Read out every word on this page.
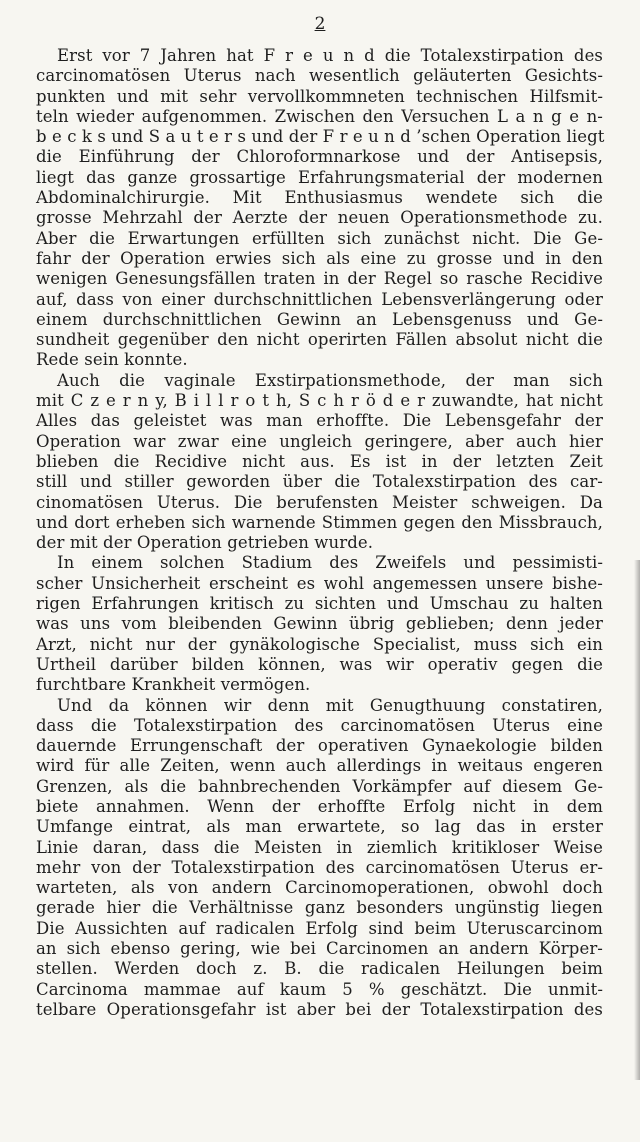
2
Erst vor 7 Jahren hat F r e u n d die Totalexstirpation des
carcinomatösen Uterus nach wesentlich geläuterten Gesichts-
punkten und mit sehr vervollkommneten technischen Hilfsmit-
teln wieder aufgenommen. Zwischen den Versuchen L a n g e n-
b e c k s und S a u t e r s und der F r e u n d ’schen Operation liegt
die Einführung der Chloroformnarkose und der Antisepsis,
liegt das ganze grossartige Erfahrungsmaterial der modernen
Abdominalchirurgie. Mit Enthusiasmus wendete sich die
grosse Mehrzahl der Aerzte der neuen Operationsmethode zu.
Aber die Erwartungen erfüllten sich zunächst nicht. Die Ge-
fahr der Operation erwies sich als eine zu grosse und in den
wenigen Genesungsfällen traten in der Regel so rasche Recidive
auf, dass von einer durchschnittlichen Lebensverlängerung oder
einem durchschnittlichen Gewinn an Lebensgenuss und Ge-
sundheit gegenüber den nicht operirten Fällen absolut nicht die
Rede sein konnte.
Auch die vaginale Exstirpationsmethode, der man sich
mit C z e r n y, B i l l r o t h, S c h r ö d e r zuwandte, hat nicht
Alles das geleistet was man erhoffte. Die Lebensgefahr der
Operation war zwar eine ungleich geringere, aber auch hier
blieben die Recidive nicht aus. Es ist in der letzten Zeit
still und stiller geworden über die Totalexstirpation des car-
cinomatösen Uterus. Die berufensten Meister schweigen. Da
und dort erheben sich warnende Stimmen gegen den Missbrauch,
der mit der Operation getrieben wurde.
In einem solchen Stadium des Zweifels und pessimisti-
scher Unsicherheit erscheint es wohl angemessen unsere bishe-
rigen Erfahrungen kritisch zu sichten und Umschau zu halten
was uns vom bleibenden Gewinn übrig geblieben; denn jeder
Arzt, nicht nur der gynäkologische Specialist, muss sich ein
Urtheil darüber bilden können, was wir operativ gegen die
furchtbare Krankheit vermögen.
Und da können wir denn mit Genugthuung constatiren,
dass die Totalexstirpation des carcinomatösen Uterus eine
dauernde Errungenschaft der operativen Gynaekologie bilden
wird für alle Zeiten, wenn auch allerdings in weitaus engeren
Grenzen, als die bahnbrechenden Vorkämpfer auf diesem Ge-
biete annahmen. Wenn der erhoffte Erfolg nicht in dem
Umfange eintrat, als man erwartete, so lag das in erster
Linie daran, dass die Meisten in ziemlich kritikloser Weise
mehr von der Totalexstirpation des carcinomatösen Uterus er-
warteten, als von andern Carcinomoperationen, obwohl doch
gerade hier die Verhältnisse ganz besonders ungünstig liegen
Die Aussichten auf radicalen Erfolg sind beim Uteruscarcinom
an sich ebenso gering, wie bei Carcinomen an andern Körper-
stellen. Werden doch z. B. die radicalen Heilungen beim
Carcinoma mammae auf kaum 5 % geschätzt. Die unmit-
telbare Operationsgefahr ist aber bei der Totalexstirpation des
